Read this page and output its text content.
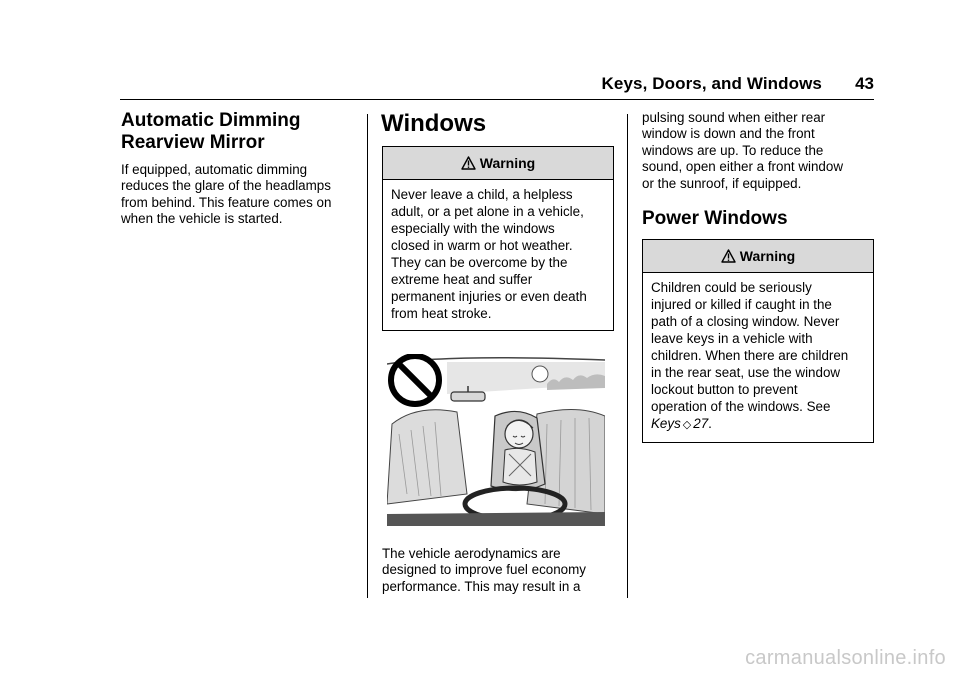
Keys, Doors, and Windows 43
Automatic Dimming
Rearview Mirror

If equipped, automatic dimming
reduces the glare of the headlamps
from behind. This feature comes on
when the vehicle is started.

Windows
Warning
Never leave a child, a helpless
adult, or a pet alone in a vehicle,
especially with the windows
closed in warm or hot weather.
They can be overcome by the
extreme heat and suffer
permanent injuries or even death
from heat stroke.

The vehicle aerodynamics are
designed to improve fuel economy
performance. This may result in a

pulsing sound when either rear
window is down and the front
windows are up. To reduce the
sound, open either a front window
or the sunroof, if equipped.

Power Windows
Warning
Children could be seriously
injured or killed if caught in the
path of a closing window. Never
leave keys in a vehicle with
children. When there are children
in the rear seat, use the window
lockout button to prevent
operation of the windows. See
Keys ◇ 27.
carmanualsonline.info
